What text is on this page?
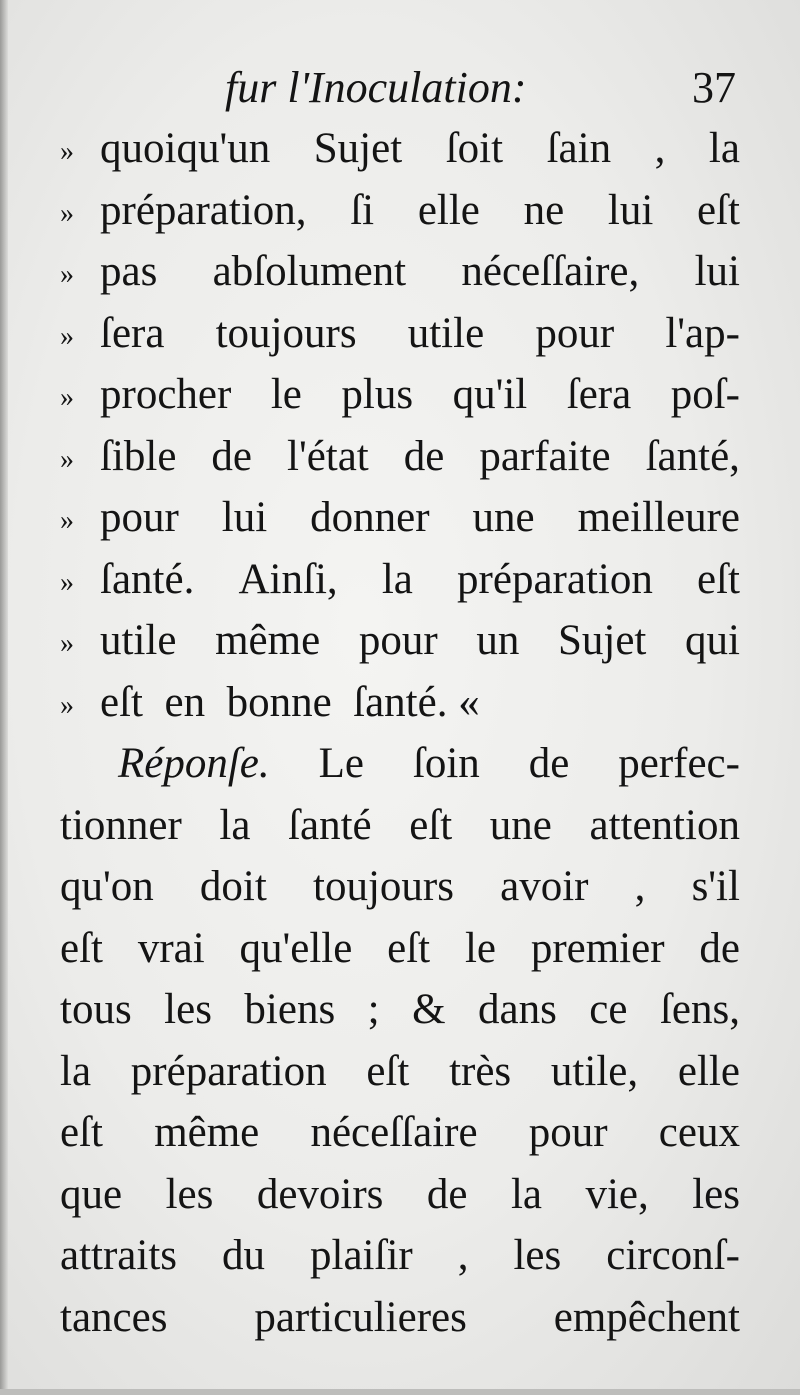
fur l'Inoculation:	37
» quoiqu'un Sujet ſoit ſain , la
» préparation, ſi elle ne lui eſt
» pas abſolument néceſſaire, lui
» ſera toujours utile pour l'ap-
» procher le plus qu'il ſera poſ-
» ſible de l'état de parfaite ſanté,
» pour lui donner une meilleure
» ſanté. Ainſi, la préparation eſt
» utile même pour un Sujet qui
» eſt  en  bonne  ſanté. «
Réponſe. Le ſoin de perfec-
tionner la ſanté eſt une attention
qu'on doit toujours avoir , s'il
eſt vrai qu'elle eſt le premier de
tous les biens ; & dans ce ſens,
la préparation eſt très utile, elle
eſt même néceſſaire pour ceux
que les devoirs de la vie, les
attraits du plaiſir , les circonſ-
tances particulieres empêchent
